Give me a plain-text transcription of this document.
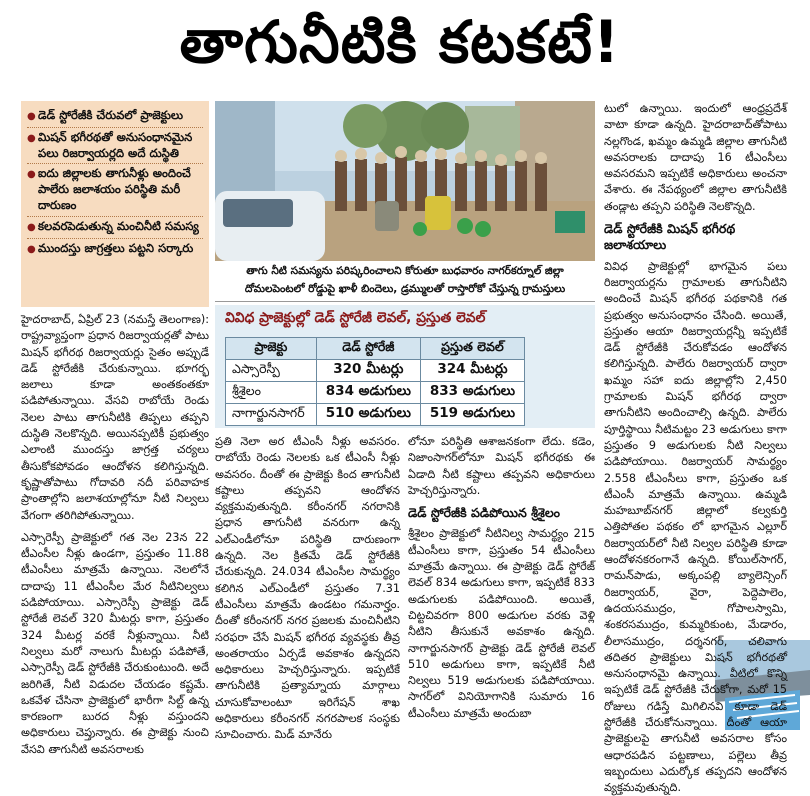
తాగునీటికి కటకటే!
● డెడ్‌ స్టోరేజీకి చేరువలో ప్రాజెక్టులు
● మిషన్‌ భగీరథతో అనుసంధానమైన పలు రిజర్వాయర్లది అదే దుస్థితి
● ఐదు జిల్లాలకు తాగునీళ్లు అందించే పాలేరు జలాశయం పరిస్థితి మరీ దారుణం
● కలవరపెడుతున్న మంచినీటి సమస్య
● ముందస్తు జాగ్రత్తలు పట్టని సర్కారు
తాగు నీటి సమస్యను పరిష్కరించాలని కోరుతూ బుధవారం నాగర్‌కర్నూల్‌ జిల్లా దోమలపెంటలో రోడ్డుపై ఖాళీ బిందెలు, డ్రమ్ములతో రాస్తారోకో చేస్తున్న గ్రామస్తులు
వివిధ ప్రాజెక్టుల్లో డెడ్‌ స్టోరేజీ లెవల్‌, ప్రస్తుత లెవల్‌
ప్రాజెక్టు	డెడ్‌ స్టోరేజీ	ప్రస్తుత లెవల్‌
ఎస్సారెస్పీ	320 మీటర్లు	324 మీటర్లు
శ్రీశైలం	834 అడుగులు	833 అడుగులు
నాగార్జునసాగర్‌	510 అడుగులు	519 అడుగులు

హైదరాబాద్‌, ఏప్రిల్‌ 23 (నమస్తే తెలంగాణ): రాష్ట్రవ్యాప్తంగా ప్రధాన రిజర్వాయర్లతో పాటు మిషన్‌ భగీరథ రిజర్వాయర్లు సైతం అప్పుడే డెడ్‌ స్టోరేజీకి చేరుకున్నాయి. భూగర్భ జలాలు కూడా అంతకంతకూ పడిపోతున్నాయి. వేసవి రాబోయే రెండు నెలల పాటు తాగునీటికి తిప్పలు తప్పని దుస్థితి నెలకొన్నది. అయినప్పటికీ ప్రభుత్వం ఎలాంటి ముందస్తు జాగ్రత్త చర్యలు తీసుకోకపోవడం ఆందోళన కలిగిస్తున్నది. కృష్ణాతోపాటు గోదావరి నదీ పరివాహక ప్రాంతాల్లోని జలాశయాల్లోనూ నీటి నిల్వలు వేగంగా తరిగిపోతున్నాయి.

ఎస్సారెస్పీ ప్రాజెక్టులో గత నెల 23న 22 టీఎంసీల నీళ్లు ఉండగా, ప్రస్తుతం 11.88 టీఎంసీలు మాత్రమే ఉన్నాయి. నెలలోనే దాదాపు 11 టీఎంసీల మేర నీటినిల్వలు పడిపోయాయి. ఎస్సారెస్పీ ప్రాజెక్టు డెడ్‌ స్టోరేజీ లెవల్‌ 320 మీటర్లు కాగా, ప్రస్తుతం 324 మీటర్ల వరకే నీళ్లున్నాయి. నీటి నిల్వలు మరో నాలుగు మీటర్లు పడిపోతే, ఎస్సారెస్పీ డెడ్‌ స్టోరేజీకి చేరుకుంటుంది. అదే జరిగితే, నీటి విడుదల చేయడం కష్టమే. ఒకవేళ చేసినా ప్రాజెక్టులో భారీగా సిల్ట్‌ ఉన్న కారణంగా బురద నీళ్లు వస్తుందని అధికారులు చెప్తున్నారు. ఈ ప్రాజెక్టు నుంచి వేసవి తాగునీటి అవసరాలకు

ప్రతి నెలా అర టీఎంసీ నీళ్లు అవసరం. రాబోయే రెండు నెలలకు ఒక టీఎంసీ నీళ్లు అవసరం. దీంతో ఈ ప్రాజెక్టు కింద తాగునీటి కష్టాలు తప్పవని ఆందోళన వ్యక్తమవుతున్నది. కరీంనగర్‌ నగరానికి ప్రధాన తాగునీటి వనరుగా ఉన్న ఎల్‌ఎండీలోనూ పరిస్థితి దారుణంగా ఉన్నది. నెల క్రితమే డెడ్‌ స్టోరేజీకి చేరుకున్నది. 24.034 టీఎంసీల సామర్థ్యం కలిగిన ఎల్‌ఎండీలో ప్రస్తుతం 7.31 టీఎంసీలు మాత్రమే ఉండటం గమనార్హం. దీంతో కరీంనగర్‌ నగర ప్రజలకు మంచినీటిని సరఫరా చేసే మిషన్‌ భగీరథ వ్యవస్థకు తీవ్ర అంతరాయం ఏర్పడే అవకాశం ఉన్నదని అధికారులు హెచ్చరిస్తున్నారు. ఇప్పటికే తాగునీటికి ప్రత్యామ్నాయ మార్గాలు చూసుకోవాలంటూ ఇరిగేషన్‌ శాఖ అధికారులు కరీంనగర్‌ నగరపాలక సంస్థకు సూచించారు. మిడ్‌ మానేరు

లోనూ పరిస్థితి ఆశాజనకంగా లేదు. కడెం, నిజాంసాగర్‌లోనూ మిషన్‌ భగీరథకు ఈ ఏడాది నీటి కష్టాలు తప్పవని అధికారులు హెచ్చరిస్తున్నారు.

డెడ్‌ స్టోరేజీకి పడిపోయిన శ్రీశైలం

శ్రీశైలం ప్రాజెక్టులో నీటినిల్వ సామర్థ్యం 215 టీఎంసీలు కాగా, ప్రస్తుతం 54 టీఎంసీలు మాత్రమే ఉన్నాయి. ఈ ప్రాజెక్టు డెడ్‌ స్టోరేజ్‌ లెవల్‌ 834 అడుగులు కాగా, ఇప్పటికే 833 అడుగులకు పడిపోయింది. అయితే, చిట్టచివరగా 800 అడుగుల వరకు వెళ్లి నీటిని తీసుకునే అవకాశం ఉన్నది. నాగార్జునసాగర్‌ ప్రాజెక్టు డెడ్‌ స్టోరేజీ లెవల్‌ 510 అడుగులు కాగా, ఇప్పటికే నీటి నిల్వలు 519 అడుగులకు పడిపోయాయి. సాగర్‌లో వినియోగానికి సుమారు 16 టీఎంసీలు మాత్రమే అందుబా

టులో ఉన్నాయి. ఇందులో ఆంధ్రప్రదేశ్‌ వాటా కూడా ఉన్నది. హైదరాబాద్‌తోపాటు నల్లగొండ, ఖమ్మం ఉమ్మడి జిల్లాల తాగునీటి అవసరాలకు దాదాపు 16 టీఎంసీలు అవసరమని ఇప్పటికే అధికారులు అంచనా వేశారు. ఈ నేపథ్యంలో జిల్లాల తాగునీటికి తండ్లాట తప్పని పరిస్థితి నెలకొన్నది.

డెడ్‌ స్టోరేజీకి మిషన్‌ భగీరథ జలాశయాలు

వివిధ ప్రాజెక్టుల్లో భాగమైన పలు రిజర్వాయర్లను గ్రామాలకు తాగునీటిని అందించే మిషన్‌ భగీరథ పథకానికి గత ప్రభుత్వం అనుసంధానం చేసింది. అయితే, ప్రస్తుతం ఆయా రిజర్వాయర్లన్నీ ఇప్పటికే డెడ్‌ స్టోరేజీకి చేరుకోవడం ఆందోళన కలిగిస్తున్నది. పాలేరు రిజర్వాయర్‌ ద్వారా ఖమ్మం సహా ఐదు జిల్లాల్లోని 2,450 గ్రామాలకు మిషన్‌ భగీరథ ద్వారా తాగునీటిని అందించాల్సి ఉన్నది. పాలేరు పూర్తిస్థాయి నీటిమట్టం 23 అడుగులు కాగా ప్రస్తుతం 9 అడుగులకు నీటి నిల్వలు పడిపోయాయి. రిజర్వాయర్‌ సామర్థ్యం 2.558 టీఎంసీలు కాగా, ప్రస్తుతం ఒక టీఎంసీ మాత్రమే ఉన్నాయి. ఉమ్మడి మహబూబ్‌నగర్‌ జిల్లాలో కల్వకుర్తి ఎత్తిపోతల పథకం లో భాగమైన ఎల్లూర్‌ రిజర్వాయర్‌లో నీటి నిల్వల పరిస్థితి కూడా ఆందోళనకరంగానే ఉన్నది. కోయిల్‌సాగర్‌, రామన్‌పాడు, అక్కంపల్లి బ్యాలెన్సింగ్‌ రిజర్వాయర్‌, వైరా, పెద్దెపాలెం, ఉదయసముద్రం, గోపాలస్వామి, శంకరసముద్రం, కుమ్మరికుంట, మేడారం, లీలాసముద్రం, దర్శనగర్‌, చలివాగు తదితర ప్రాజెక్టులు మిషన్‌ భగీరథతో అనుసంధానమై ఉన్నాయి. వీటిలో కొన్ని ఇప్పటికే డెడ్‌ స్టోరేజీకి చేరుకోగా, మరో 15 రోజులు గడిస్తే మిగిలినవి కూడా డెడ్‌ స్టోరేజీకి చేరుకోనున్నాయి. దీంతో ఆయా ప్రాజెక్టులపై తాగునీటి అవసరాల కోసం ఆధారపడిన పట్టణాలు, పల్లెలు తీవ్ర ఇబ్బందులు ఎదుర్కోక తప్పదని ఆందోళన వ్యక్తమవుతున్నది.
